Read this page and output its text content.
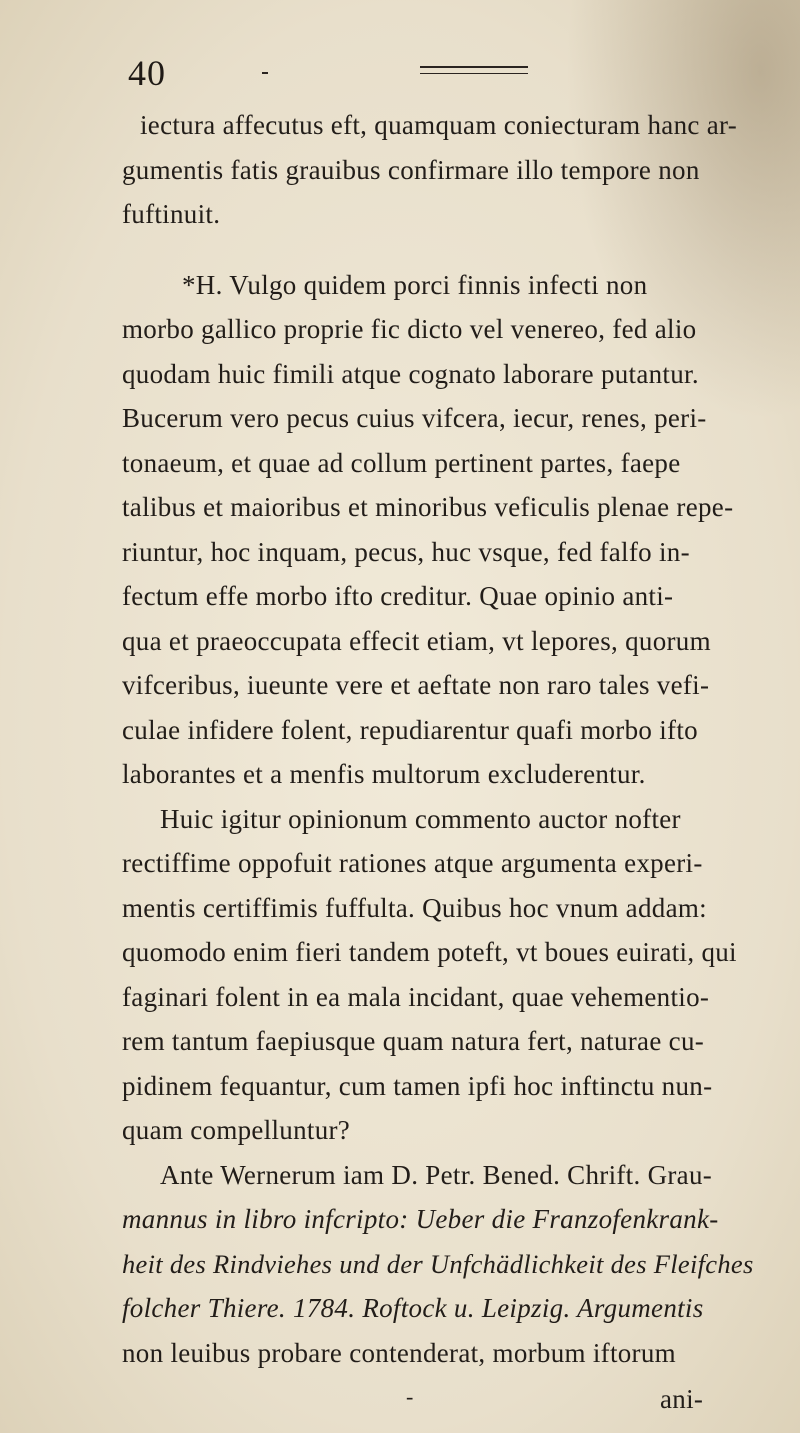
40
iectura affecutus eft, quamquam coniecturam hanc ar-
gumentis fatis grauibus confirmare illo tempore non
fuftinuit.
*H. Vulgo quidem porci finnis infecti non
morbo gallico proprie fic dicto vel venereo, fed alio
quodam huic fimili atque cognato laborare putantur.
Bucerum vero pecus cuius vifcera, iecur, renes, peri-
tonaeum, et quae ad collum pertinent partes, faepe
talibus et maioribus et minoribus veficulis plenae repe-
riuntur, hoc inquam, pecus, huc vsque, fed falfo in-
fectum effe morbo ifto creditur. Quae opinio anti-
qua et praeoccupata effecit etiam, vt lepores, quorum
vifceribus, iueunte vere et aeftate non raro tales vefi-
culae infidere folent, repudiarentur quafi morbo ifto
laborantes et a menfis multorum excluderentur.
Huic igitur opinionum commento auctor nofter
rectiffime oppofuit rationes atque argumenta experi-
mentis certiffimis fuffulta. Quibus hoc vnum addam:
quomodo enim fieri tandem poteft, vt boues euirati, qui
faginari folent in ea mala incidant, quae vehementio-
rem tantum faepiusque quam natura fert, naturae cu-
pidinem fequantur, cum tamen ipfi hoc inftinctu nun-
quam compelluntur?
Ante Wernerum iam D. Petr. Bened. Chrift. Grau-
mannus in libro infcripto: Ueber die Franzofenkrank-
heit des Rindviehes und der Unfchädlichkeit des Fleifches
folcher Thiere. 1784. Roftock u. Leipzig. Argumentis
non leuibus probare contenderat, morbum iftorum
-	ani-
